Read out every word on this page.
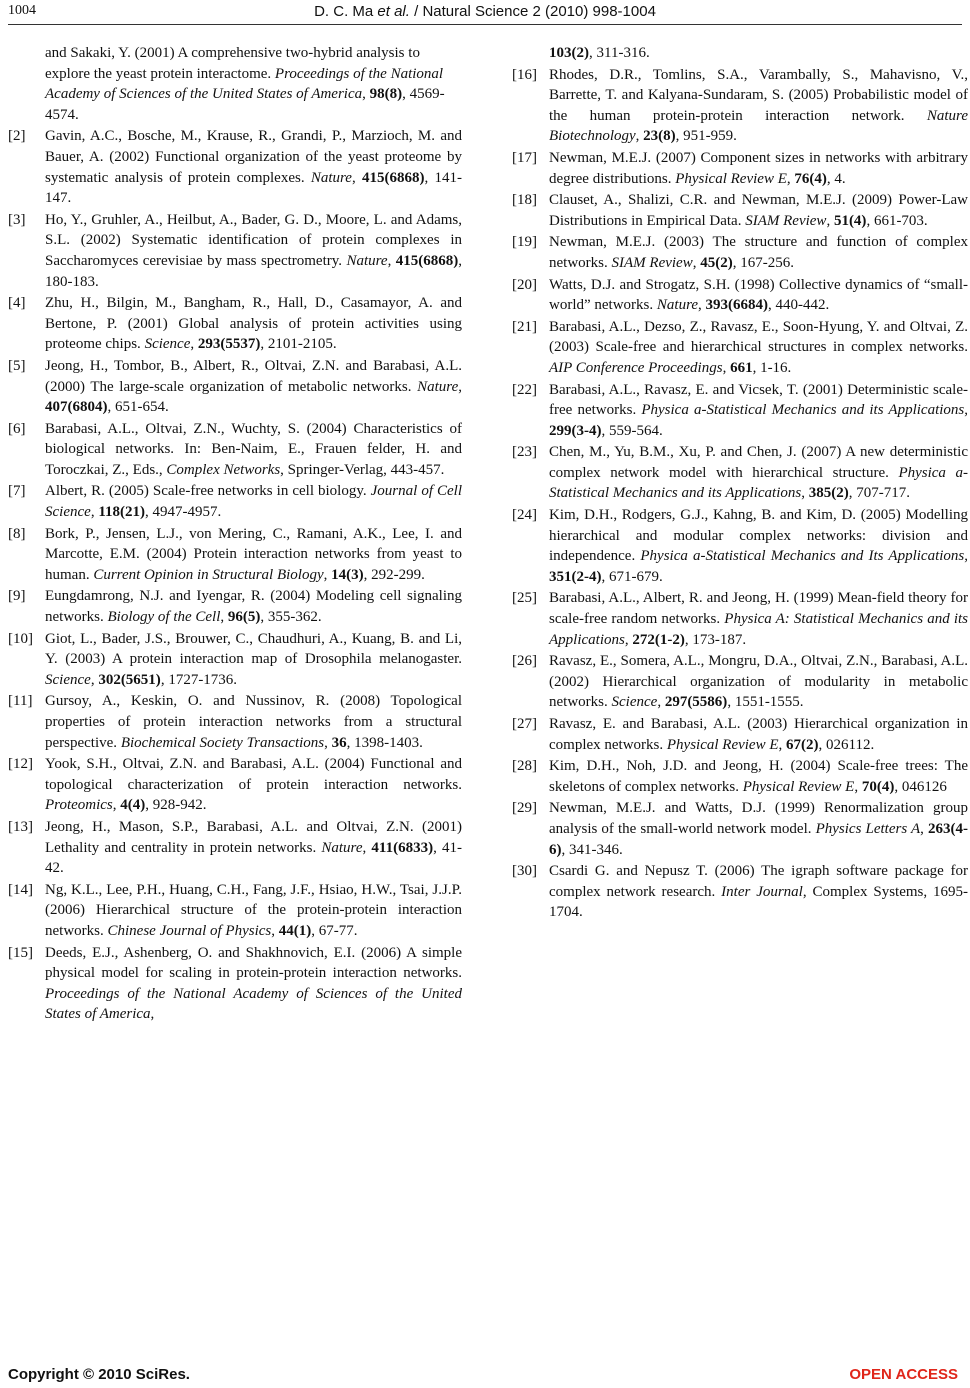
1004	D. C. Ma et al. / Natural Science 2 (2010) 998-1004
and Sakaki, Y. (2001) A comprehensive two-hybrid analysis to explore the yeast protein interactome. Proceedings of the National Academy of Sciences of the United States of America, 98(8), 4569-4574.
[2] Gavin, A.C., Bosche, M., Krause, R., Grandi, P., Marzioch, M. and Bauer, A. (2002) Functional organization of the yeast proteome by systematic analysis of protein complexes. Nature, 415(6868), 141-147.
[3] Ho, Y., Gruhler, A., Heilbut, A., Bader, G. D., Moore, L. and Adams, S.L. (2002) Systematic identification of protein complexes in Saccharomyces cerevisiae by mass spectrometry. Nature, 415(6868), 180-183.
[4] Zhu, H., Bilgin, M., Bangham, R., Hall, D., Casamayor, A. and Bertone, P. (2001) Global analysis of protein activities using proteome chips. Science, 293(5537), 2101-2105.
[5] Jeong, H., Tombor, B., Albert, R., Oltvai, Z.N. and Barabasi, A.L. (2000) The large-scale organization of metabolic networks. Nature, 407(6804), 651-654.
[6] Barabasi, A.L., Oltvai, Z.N., Wuchty, S. (2004) Characteristics of biological networks. In: Ben-Naim, E., Frauen felder, H. and Toroczkai, Z., Eds., Complex Networks, Springer-Verlag, 443-457.
[7] Albert, R. (2005) Scale-free networks in cell biology. Journal of Cell Science, 118(21), 4947-4957.
[8] Bork, P., Jensen, L.J., von Mering, C., Ramani, A.K., Lee, I. and Marcotte, E.M. (2004) Protein interaction networks from yeast to human. Current Opinion in Structural Biology, 14(3), 292-299.
[9] Eungdamrong, N.J. and Iyengar, R. (2004) Modeling cell signaling networks. Biology of the Cell, 96(5), 355-362.
[10] Giot, L., Bader, J.S., Brouwer, C., Chaudhuri, A., Kuang, B. and Li, Y. (2003) A protein interaction map of Drosophila melanogaster. Science, 302(5651), 1727-1736.
[11] Gursoy, A., Keskin, O. and Nussinov, R. (2008) Topological properties of protein interaction networks from a structural perspective. Biochemical Society Transactions, 36, 1398-1403.
[12] Yook, S.H., Oltvai, Z.N. and Barabasi, A.L. (2004) Functional and topological characterization of protein interaction networks. Proteomics, 4(4), 928-942.
[13] Jeong, H., Mason, S.P., Barabasi, A.L. and Oltvai, Z.N. (2001) Lethality and centrality in protein networks. Nature, 411(6833), 41-42.
[14] Ng, K.L., Lee, P.H., Huang, C.H., Fang, J.F., Hsiao, H.W., Tsai, J.J.P. (2006) Hierarchical structure of the protein-protein interaction networks. Chinese Journal of Physics, 44(1), 67-77.
[15] Deeds, E.J., Ashenberg, O. and Shakhnovich, E.I. (2006) A simple physical model for scaling in protein-protein interaction networks. Proceedings of the National Academy of Sciences of the United States of America,
103(2), 311-316.
[16] Rhodes, D.R., Tomlins, S.A., Varambally, S., Mahavisno, V., Barrette, T. and Kalyana-Sundaram, S. (2005) Probabilistic model of the human protein-protein interaction network. Nature Biotechnology, 23(8), 951-959.
[17] Newman, M.E.J. (2007) Component sizes in networks with arbitrary degree distributions. Physical Review E, 76(4), 4.
[18] Clauset, A., Shalizi, C.R. and Newman, M.E.J. (2009) Power-Law Distributions in Empirical Data. SIAM Review, 51(4), 661-703.
[19] Newman, M.E.J. (2003) The structure and function of complex networks. SIAM Review, 45(2), 167-256.
[20] Watts, D.J. and Strogatz, S.H. (1998) Collective dynamics of “small-world” networks. Nature, 393(6684), 440-442.
[21] Barabasi, A.L., Dezso, Z., Ravasz, E., Soon-Hyung, Y. and Oltvai, Z. (2003) Scale-free and hierarchical structures in complex networks. AIP Conference Proceedings, 661, 1-16.
[22] Barabasi, A.L., Ravasz, E. and Vicsek, T. (2001) Deterministic scale-free networks. Physica a-Statistical Mechanics and its Applications, 299(3-4), 559-564.
[23] Chen, M., Yu, B.M., Xu, P. and Chen, J. (2007) A new deterministic complex network model with hierarchical structure. Physica a-Statistical Mechanics and its Applications, 385(2), 707-717.
[24] Kim, D.H., Rodgers, G.J., Kahng, B. and Kim, D. (2005) Modelling hierarchical and modular complex networks: division and independence. Physica a-Statistical Mechanics and Its Applications, 351(2-4), 671-679.
[25] Barabasi, A.L., Albert, R. and Jeong, H. (1999) Mean-field theory for scale-free random networks. Physica A: Statistical Mechanics and its Applications, 272(1-2), 173-187.
[26] Ravasz, E., Somera, A.L., Mongru, D.A., Oltvai, Z.N., Barabasi, A.L. (2002) Hierarchical organization of modularity in metabolic networks. Science, 297(5586), 1551-1555.
[27] Ravasz, E. and Barabasi, A.L. (2003) Hierarchical organization in complex networks. Physical Review E, 67(2), 026112.
[28] Kim, D.H., Noh, J.D. and Jeong, H. (2004) Scale-free trees: The skeletons of complex networks. Physical Review E, 70(4), 046126
[29] Newman, M.E.J. and Watts, D.J. (1999) Renormalization group analysis of the small-world network model. Physics Letters A, 263(4-6), 341-346.
[30] Csardi G. and Nepusz T. (2006) The igraph software package for complex network research. Inter Journal, Complex Systems, 1695-1704.
Copyright © 2010 SciRes.	OPEN ACCESS
